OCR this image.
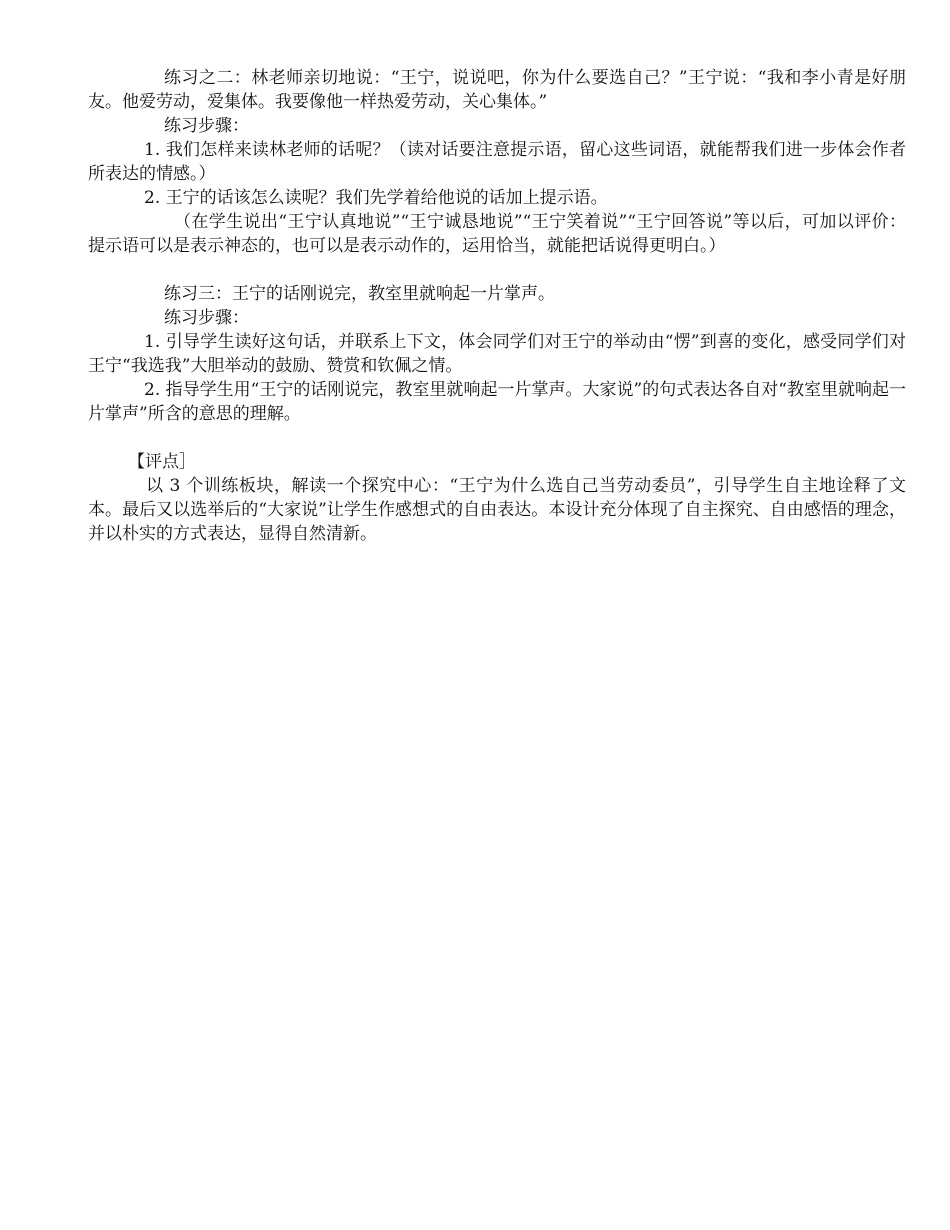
练习之二：林老师亲切地说：“王宁，说说吧，你为什么要选自己？”王宁说：“我和李小青是好朋友。他爱劳动，爱集体。我要像他一样热爱劳动，关心集体。”

练习步骤：

1. 我们怎样来读林老师的话呢？（读对话要注意提示语，留心这些词语，就能帮我们进一步体会作者所表达的情感。）

2. 王宁的话该怎么读呢？我们先学着给他说的话加上提示语。

（在学生说出“王宁认真地说”“王宁诚恳地说”“王宁笑着说”“王宁回答说”等以后，可加以评价：提示语可以是表示神态的，也可以是表示动作的，运用恰当，就能把话说得更明白。）

练习三：王宁的话刚说完，教室里就响起一片掌声。

练习步骤：

1. 引导学生读好这句话，并联系上下文，体会同学们对王宁的举动由“愣”到喜的变化，感受同学们对王宁“我选我”大胆举动的鼓励、赞赏和钦佩之情。

2. 指导学生用“王宁的话刚说完，教室里就响起一片掌声。大家说”的句式表达各自对“教室里就响起一片掌声”所含的意思的理解。

【评点］

以 3 个训练板块，解读一个探究中心：“王宁为什么选自己当劳动委员”，引导学生自主地诠释了文本。最后又以选举后的“大家说”让学生作感想式的自由表达。本设计充分体现了自主探究、自由感悟的理念，并以朴实的方式表达，显得自然清新。
